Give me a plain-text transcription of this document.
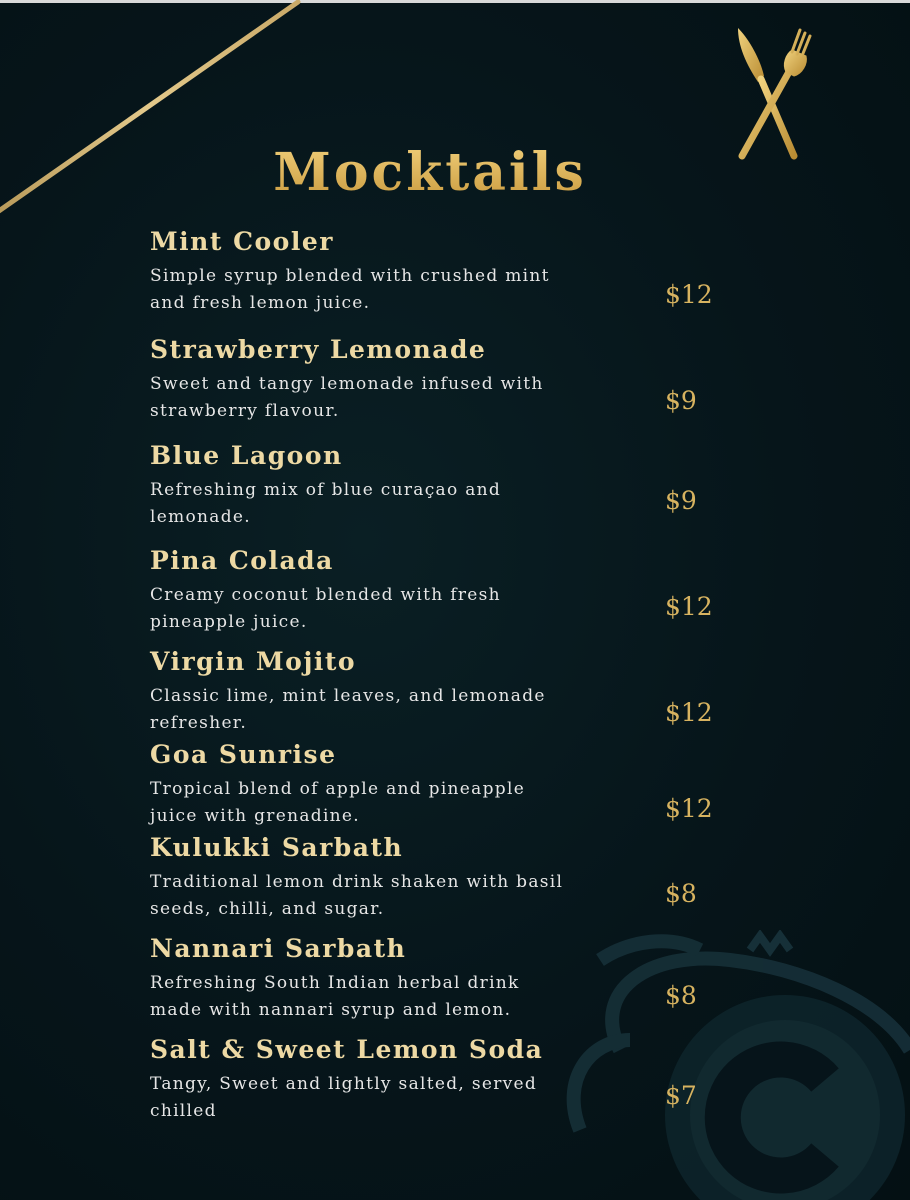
Mocktails
Mint Cooler
Simple syrup blended with crushed mint and fresh lemon juice.	$12
Strawberry Lemonade
Sweet and tangy lemonade infused with strawberry flavour.	$9
Blue Lagoon
Refreshing mix of blue curaçao and lemonade.
$9
Pina Colada
Creamy coconut blended with fresh pineapple juice.
$12
Virgin Mojito
Classic lime, mint leaves, and lemonade refresher.	$12
Goa Sunrise
Tropical blend of apple and pineapple juice with grenadine.	$12
Kulukki Sarbath
Traditional lemon drink shaken with basil seeds, chilli, and sugar.
$8
Nannari Sarbath
Refreshing South Indian herbal drink made with nannari syrup and lemon.	$8
Salt & Sweet Lemon Soda
Tangy, Sweet and lightly salted, served chilled
$7
